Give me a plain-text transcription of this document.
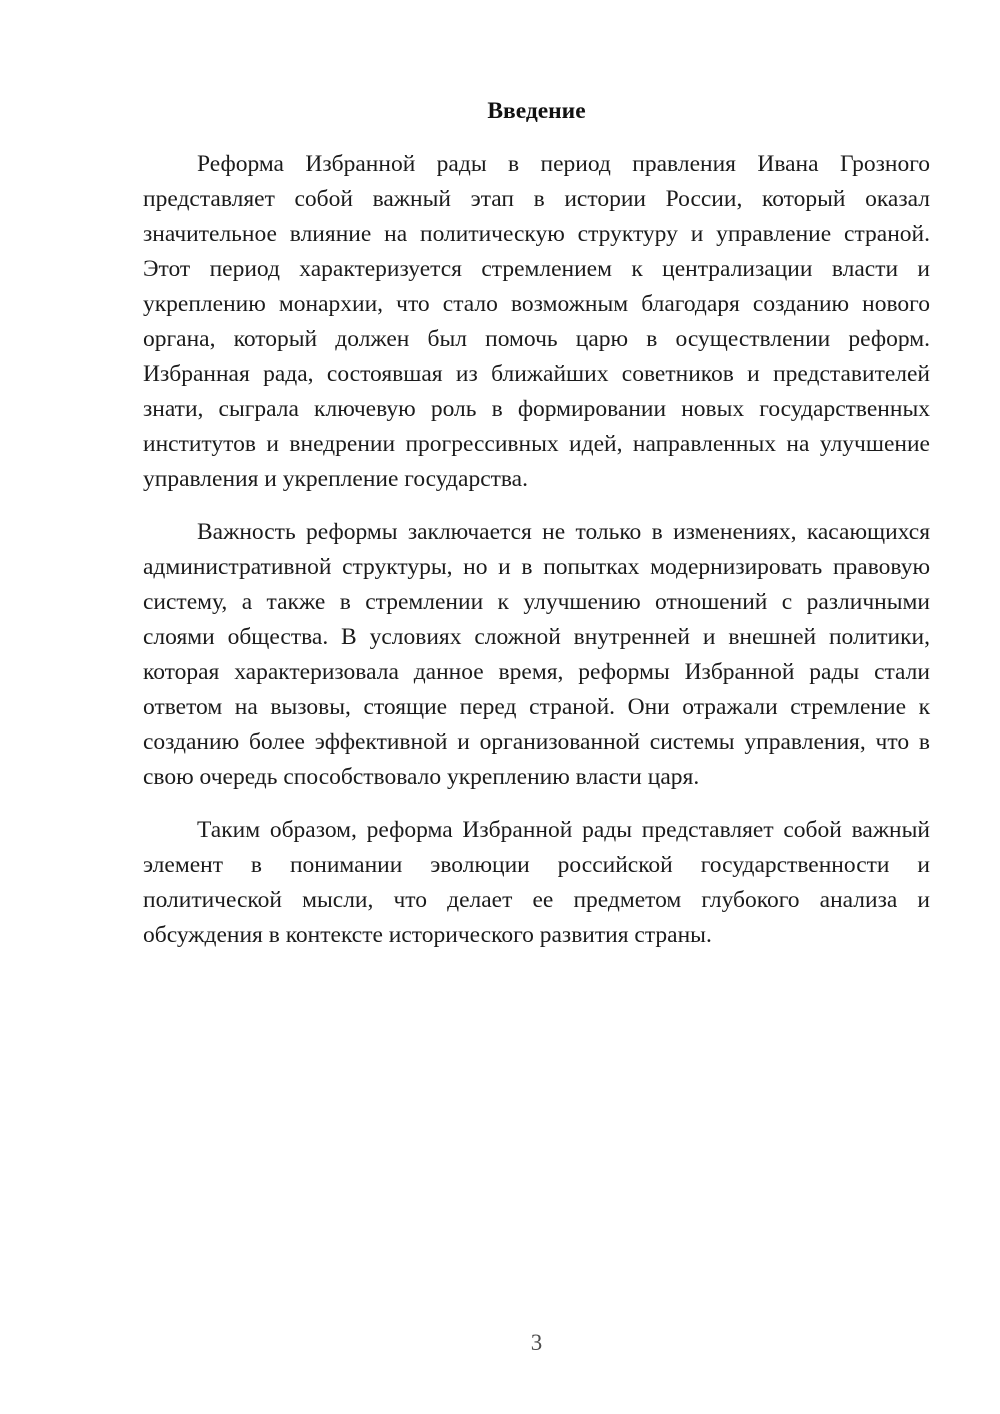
Введение

Реформа Избранной рады в период правления Ивана Грозного представляет собой важный этап в истории России, который оказал значительное влияние на политическую структуру и управление страной. Этот период характеризуется стремлением к централизации власти и укреплению монархии, что стало возможным благодаря созданию нового органа, который должен был помочь царю в осуществлении реформ. Избранная рада, состоявшая из ближайших советников и представителей знати, сыграла ключевую роль в формировании новых государственных институтов и внедрении прогрессивных идей, направленных на улучшение управления и укрепление государства.

Важность реформы заключается не только в изменениях, касающихся административной структуры, но и в попытках модернизировать правовую систему, а также в стремлении к улучшению отношений с различными слоями общества. В условиях сложной внутренней и внешней политики, которая характеризовала данное время, реформы Избранной рады стали ответом на вызовы, стоящие перед страной. Они отражали стремление к созданию более эффективной и организованной системы управления, что в свою очередь способствовало укреплению власти царя.

Таким образом, реформа Избранной рады представляет собой важный элемент в понимании эволюции российской государственности и политической мысли, что делает ее предметом глубокого анализа и обсуждения в контексте исторического развития страны.

3
